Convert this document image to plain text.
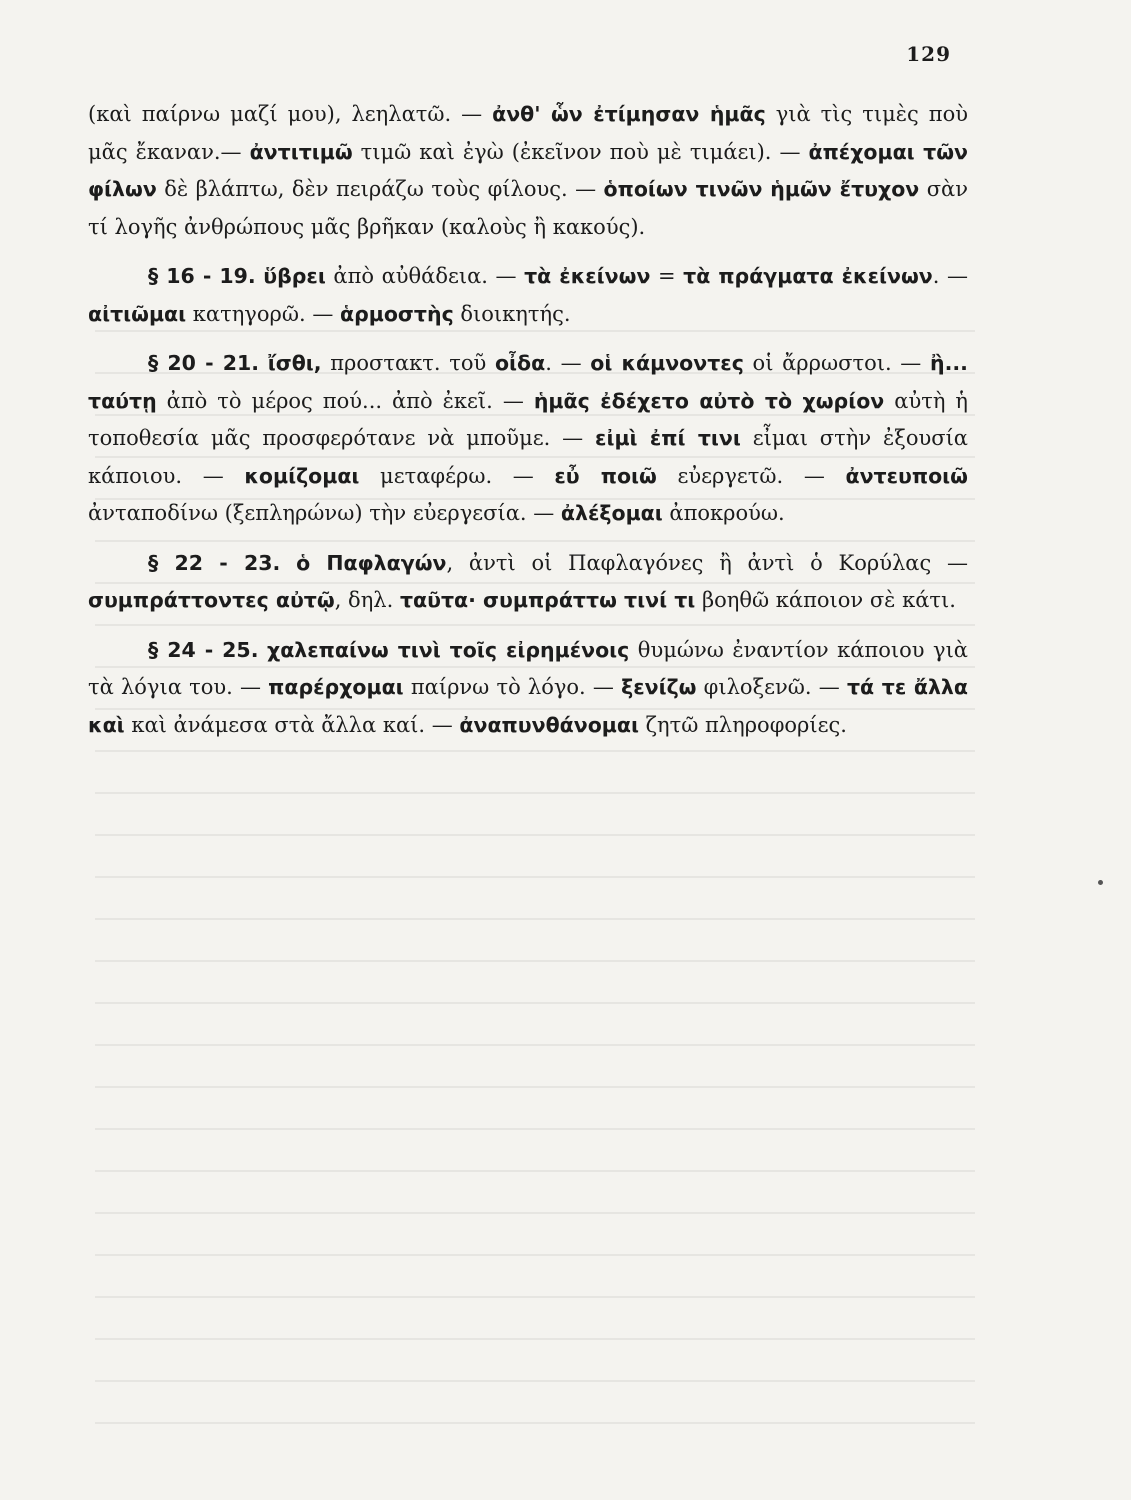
129

(καὶ παίρνω μαζί μου), λεηλατῶ. — ἀνθ' ὧν ἐτίμησαν ἡμᾶς γιὰ τὶς τιμὲς ποὺ μᾶς ἔκαναν.— ἀντιτιμῶ τιμῶ καὶ ἐγὼ (ἐκεῖνον ποὺ μὲ τιμάει). — ἀπέχομαι τῶν φίλων δὲ βλάπτω, δὲν πειράζω τοὺς φίλους. — ὁποίων τινῶν ἡμῶν ἔτυχον σὰν τί λογῆς ἀνθρώπους μᾶς βρῆκαν (καλοὺς ἢ κακούς).

§ 16 - 19. ὕβρει ἀπὸ αὐθάδεια. — τὰ ἐκείνων = τὰ πράγματα ἐκείνων. — αἰτιῶμαι κατηγορῶ. — ἁρμοστὴς διοικητής.

§ 20 - 21. ἴσθι, προστακτ. τοῦ οἶδα. — οἱ κάμνοντες οἱ ἄρρωστοι. — ἢ... ταύτῃ ἀπὸ τὸ μέρος πού... ἀπὸ ἐκεῖ. — ἡμᾶς ἐδέχετο αὐτὸ τὸ χωρίον αὐτὴ ἡ τοποθεσία μᾶς προσφερότανε νὰ μποῦμε. — εἰμὶ ἐπί τινι εἶμαι στὴν ἐξουσία κάποιου. — κομίζομαι μεταφέρω. — εὖ ποιῶ εὐεργετῶ. — ἀντευποιῶ ἀνταποδίνω (ξεπληρώνω) τὴν εὐεργεσία. — ἀλέξομαι ἀποκρούω.

§ 22 - 23. ὁ Παφλαγών, ἀντὶ οἱ Παφλαγόνες ἢ ἀντὶ ὁ Κορύλας — συμπράττοντες αὐτῷ, δηλ. ταῦτα· συμπράττω τινί τι βοηθῶ κάποιον σὲ κάτι.

§ 24 - 25. χαλεπαίνω τινὶ τοῖς εἰρημένοις θυμώνω ἐναντίον κάποιου γιὰ τὰ λόγια του. — παρέρχομαι παίρνω τὸ λόγο. — ξενίζω φιλοξενῶ. — τά τε ἄλλα καὶ καὶ ἀνάμεσα στὰ ἄλλα καί. — ἀναπυνθάνομαι ζητῶ πληροφορίες.
